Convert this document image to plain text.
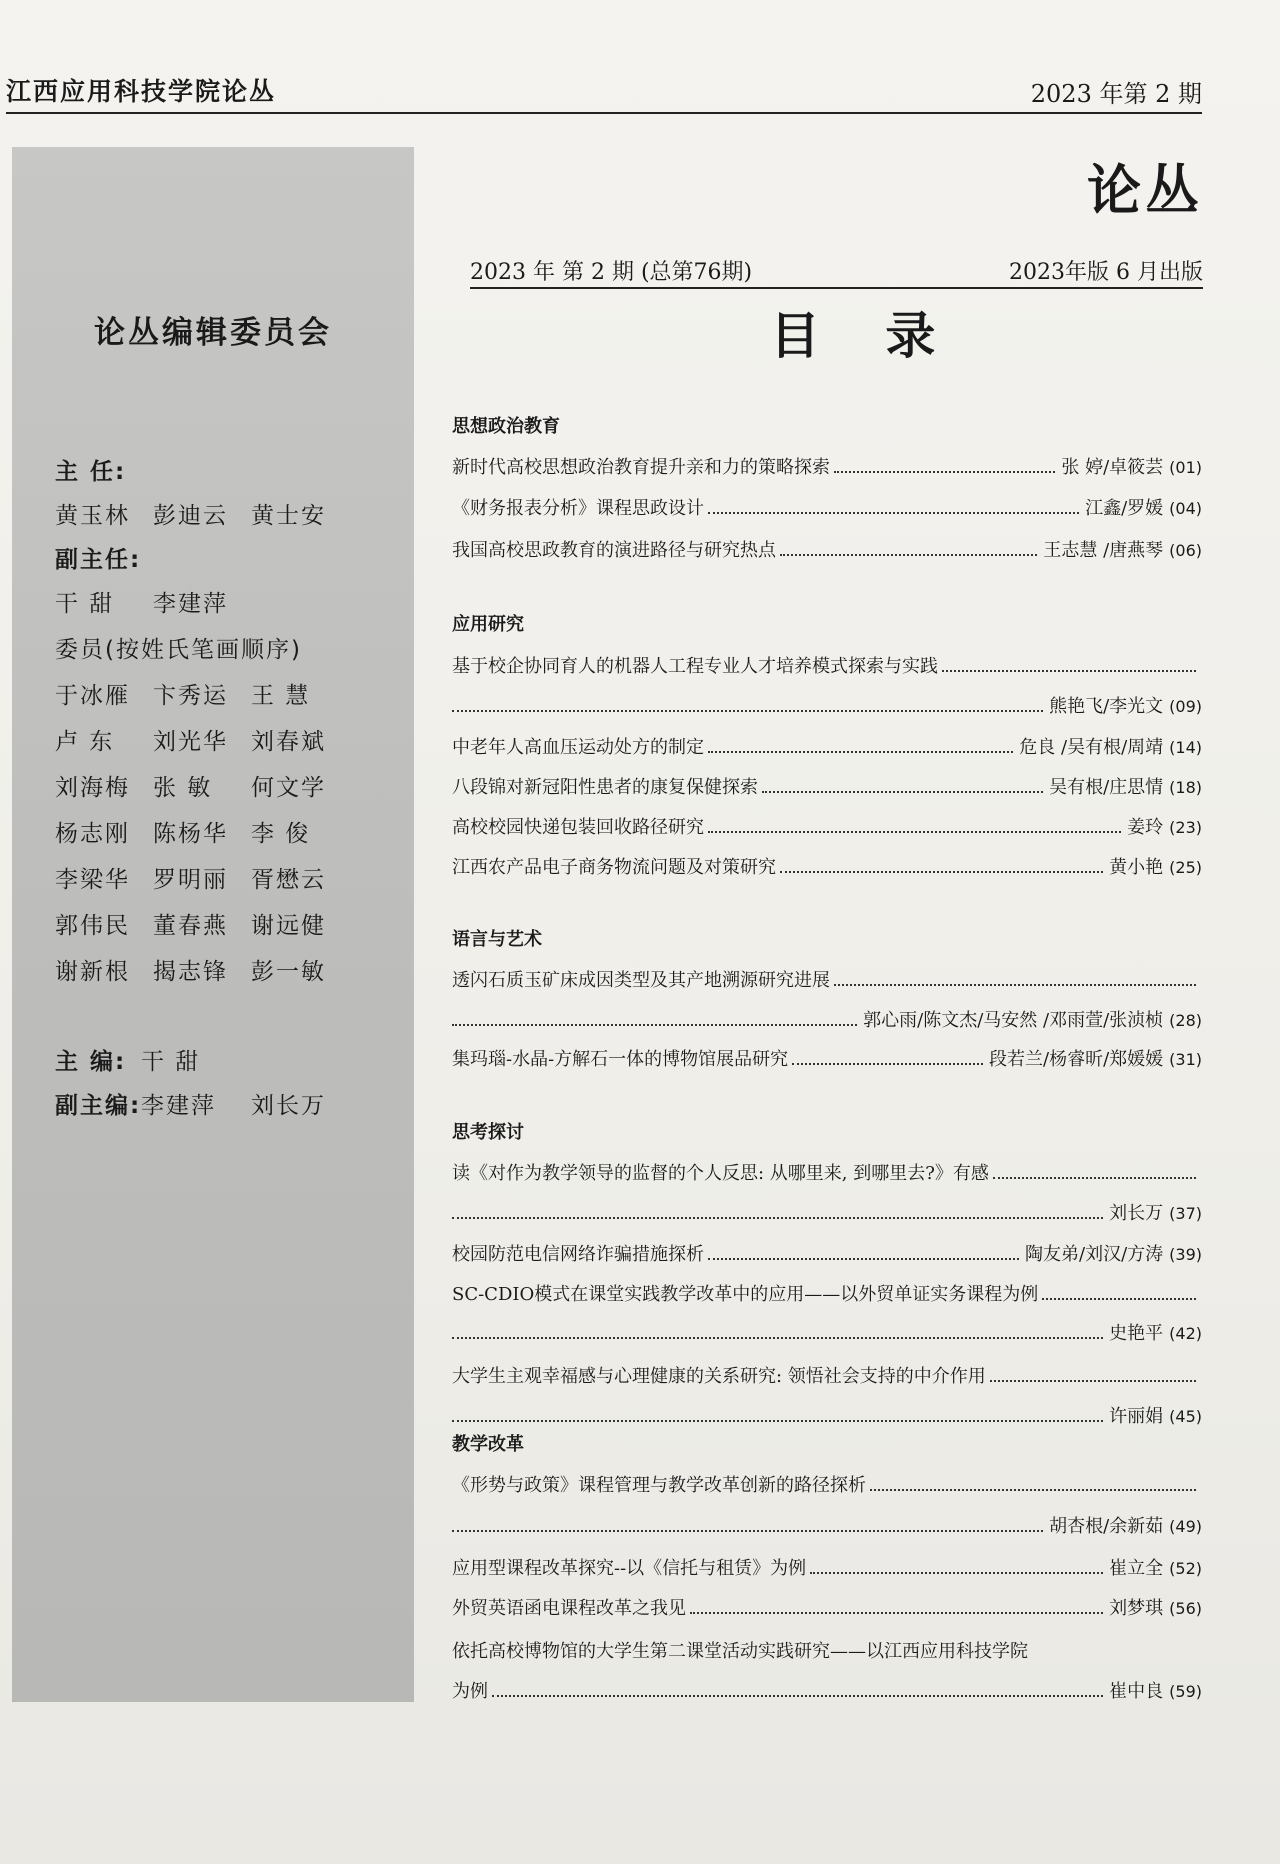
江西应用科技学院论丛	2023 年第 2 期
论丛编辑委员会
主 任:
黄玉林 彭迪云 黄士安
副主任:
干 甜 李建萍
委员(按姓氏笔画顺序)
于冰雁 卞秀运 王 慧
卢 东 刘光华 刘春斌
刘海梅 张 敏 何文学
杨志刚 陈杨华 李 俊
李梁华 罗明丽 胥懋云
郭伟民 董春燕 谢远健
谢新根 揭志锋 彭一敏
主 编: 干 甜
副主编: 李建萍 刘长万
论丛
2023 年 第 2 期 (总第76期)	2023年版 6 月出版
目 录
思想政治教育
新时代高校思想政治教育提升亲和力的策略探索	张 婷/卓筱芸 (01)
《财务报表分析》课程思政设计	江鑫/罗媛 (04)
我国高校思政教育的演进路径与研究热点	王志慧 /唐燕琴 (06)
应用研究
基于校企协同育人的机器人工程专业人才培养模式探索与实践
熊艳飞/李光文 (09)
中老年人高血压运动处方的制定	危良 /吴有根/周靖 (14)
八段锦对新冠阳性患者的康复保健探索	吴有根/庄思情 (18)
高校校园快递包装回收路径研究	姜玲 (23)
江西农产品电子商务物流问题及对策研究	黄小艳 (25)
语言与艺术
透闪石质玉矿床成因类型及其产地溯源研究进展
郭心雨/陈文杰/马安然 /邓雨萱/张浈桢 (28)
集玛瑙-水晶-方解石一体的博物馆展品研究	段若兰/杨睿昕/郑媛媛 (31)
思考探讨
读《对作为教学领导的监督的个人反思: 从哪里来, 到哪里去?》有感
刘长万 (37)
校园防范电信网络诈骗措施探析	陶友弟/刘汉/方涛 (39)
SC-CDIO模式在课堂实践教学改革中的应用——以外贸单证实务课程为例
史艳平 (42)
大学生主观幸福感与心理健康的关系研究: 领悟社会支持的中介作用
许丽娟 (45)
教学改革
《形势与政策》课程管理与教学改革创新的路径探析
胡杏根/余新茹 (49)
应用型课程改革探究--以《信托与租赁》为例	崔立全 (52)
外贸英语函电课程改革之我见	刘梦琪 (56)
依托高校博物馆的大学生第二课堂活动实践研究——以江西应用科技学院
为例	崔中良 (59)
